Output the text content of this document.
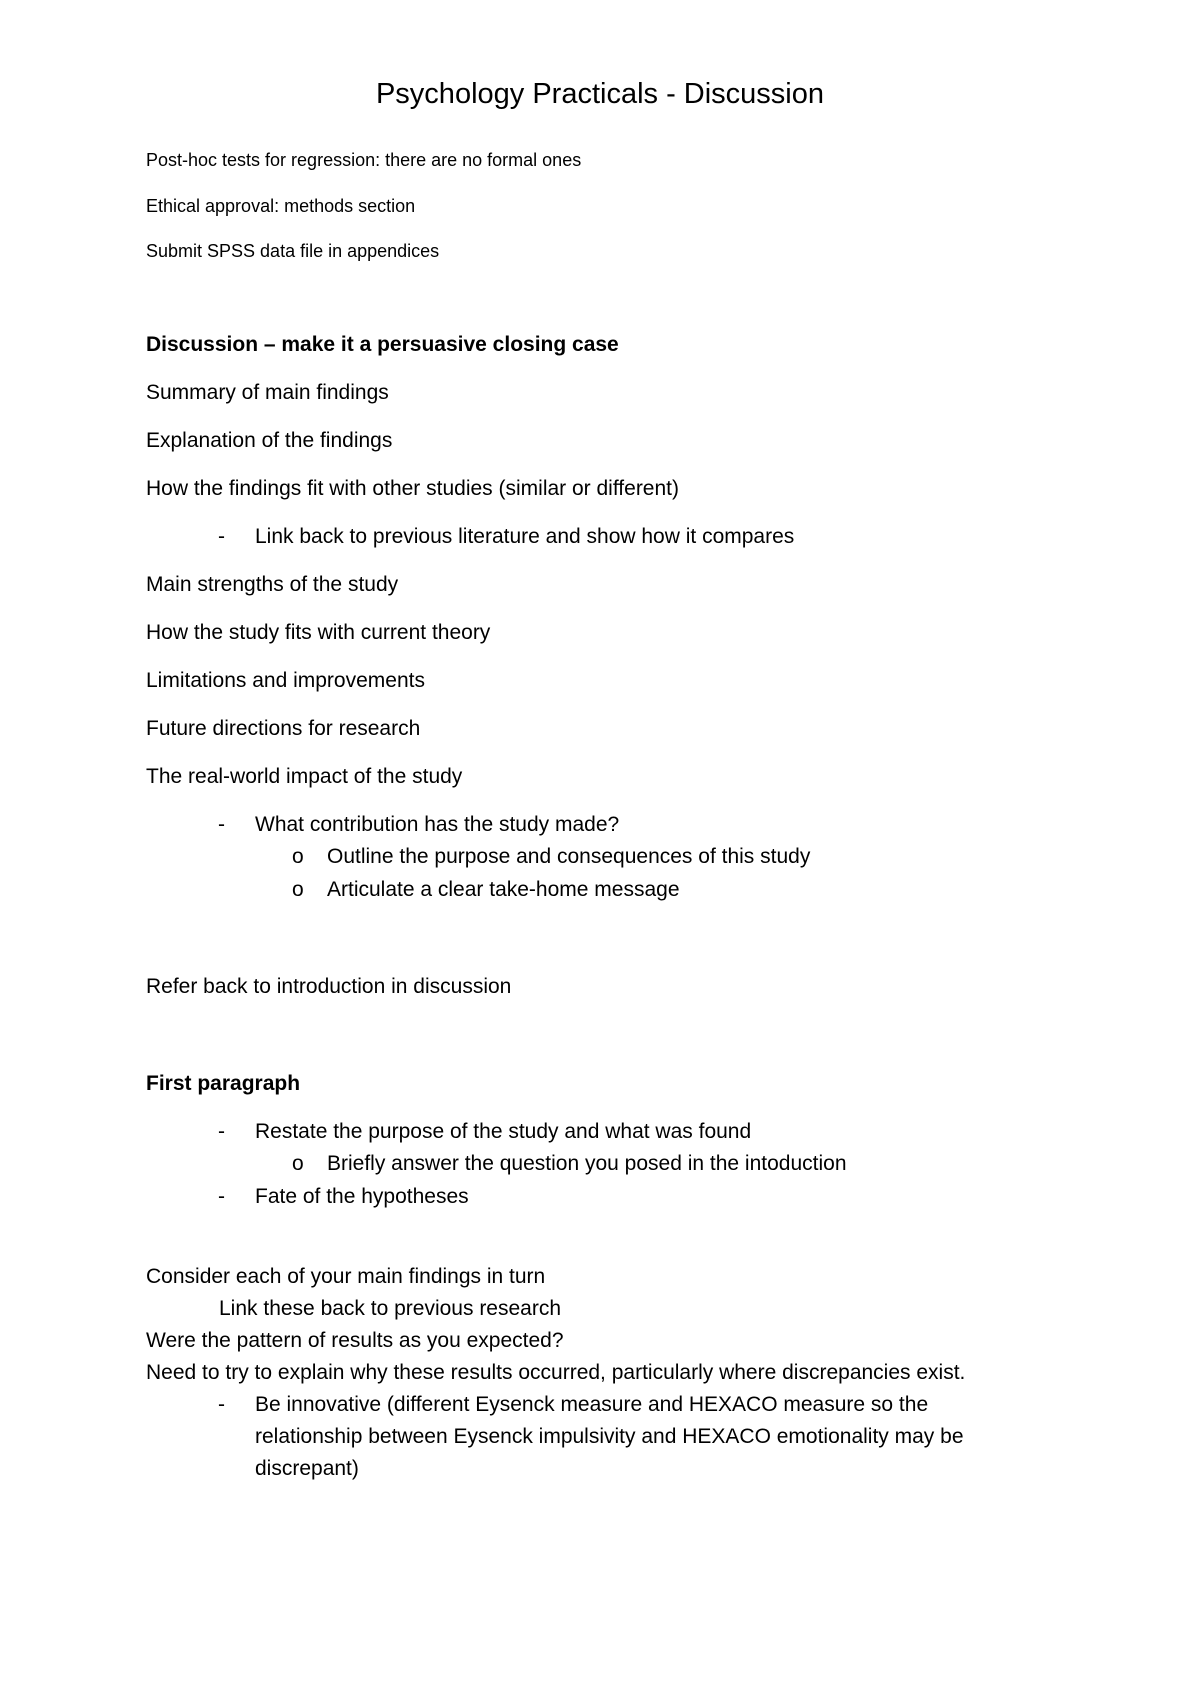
Psychology Practicals - Discussion
Post-hoc tests for regression: there are no formal ones
Ethical approval: methods section
Submit SPSS data file in appendices
Discussion – make it a persuasive closing case
Summary of main findings
Explanation of the findings
How the findings fit with other studies (similar or different)
- Link back to previous literature and show how it compares
Main strengths of the study
How the study fits with current theory
Limitations and improvements
Future directions for research
The real-world impact of the study
- What contribution has the study made?
o Outline the purpose and consequences of this study
o Articulate a clear take-home message
Refer back to introduction in discussion
First paragraph
- Restate the purpose of the study and what was found
o Briefly answer the question you posed in the intoduction
- Fate of the hypotheses
Consider each of your main findings in turn
Link these back to previous research
Were the pattern of results as you expected?
Need to try to explain why these results occurred, particularly where discrepancies exist.
- Be innovative (different Eysenck measure and HEXACO measure so the
relationship between Eysenck impulsivity and HEXACO emotionality may be
discrepant)
